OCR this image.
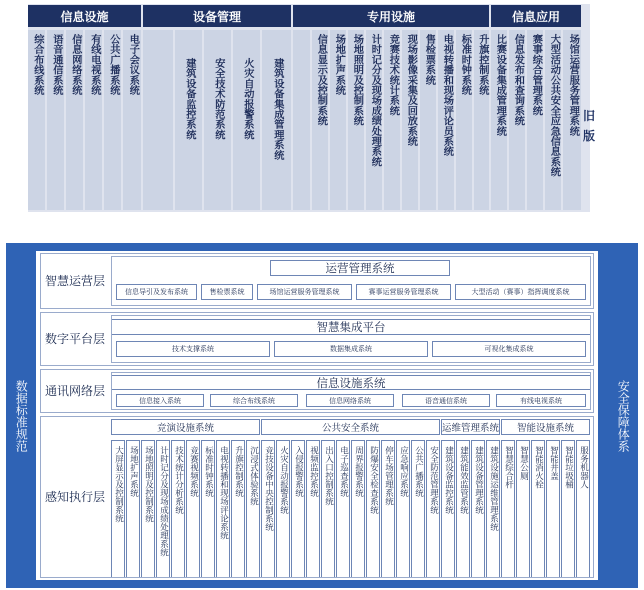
信息设施	设备管理	专用设施	信息应用
综合布线系统 语音通信系统 信息网络系统 有线电视系统 公共广播系统 电子会议系统	建筑设备监控系统 安全技术防范系统 火灾自动报警系统 建筑设备集成管理系统	信息显示及控制系统 场地扩声系统 场地照明及控制系统 计时记分及现场成绩处理系统 竞赛技术统计系统 现场影像采集及回放系统 售检票系统 电视转播和现场评论员系统 标准时钟系统 升旗控制系统 比赛设备集成管理系统 信息发布和查询系统 赛事综合管理系统 大型活动公共安全应急信息系统 场馆运营服务管理系统 旧版
数据标准规范	安全保障体系
智慧运营层
运营管理系统
信息导引及发布系统	售检票系统	场馆运营服务管理系统	赛事运营服务管理系统	大型活动（赛事）指挥调度系统
数字平台层
智慧集成平台
技术支撑系统	数据集成系统	可视化集成系统
通讯网络层
信息设施系统
信息接入系统	综合布线系统	信息网络系统	语音通信系统	有线电视系统
感知执行层
竞演设施系统	公共安全系统	运维管理系统	智能设施系统
大屏显示及控制系统 场地扩声系统 场地照明及控制系统 计时记分及现场成绩处理系统 技术统计分析系统 竞赛视频系统 标准时钟系统 电视转播和现场评论系统 升旗控制系统 沉浸式体验系统 竞技设备中央控制系统 火灾自动报警系统 入侵报警系统 视频监控系统 出入口控制系统 电子巡查系统 周界报警系统 防爆安全检查系统 停车场管理系统 应急响应系统 公共广播系统 安全防范管理系统 建筑设备监控系统 建筑能效监管系统 建筑设备管理系统 建筑设施运维管理系统 智慧综合杆 智慧公厕 智能消火栓 智能井盖 智能垃圾桶 服务机器人
